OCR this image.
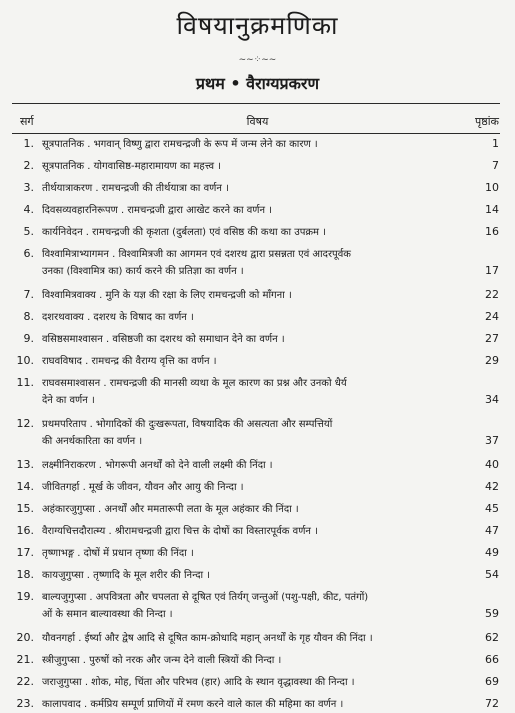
विषयानुक्रमणिका
~~⁘~~
प्रथम • वैराग्यप्रकरण
सर्ग	विषय	पृष्ठांक
1. सूत्रपातनिक . भगवान् विष्णु द्वारा रामचन्द्रजी के रूप में जन्म लेने का कारण ।	1
2. सूत्रपातनिक . योगवासिष्ठ-महारामायण का महत्त्व ।	7
3. तीर्थयात्राकरण . रामचन्द्रजी की तीर्थयात्रा का वर्णन ।	10
4. दिवसव्यवहारनिरूपण . रामचन्द्रजी द्वारा आखेट करने का वर्णन ।	14
5. कार्यनिवेदन . रामचन्द्रजी की कृशता (दुर्बलता) एवं वसिष्ठ की कथा का उपक्रम ।	16
6. विश्वामित्राभ्यागमन . विश्वामित्रजी का आगमन एवं दशरथ द्वारा प्रसन्नता एवं आदरपूर्वक
उनका (विश्वामित्र का) कार्य करने की प्रतिज्ञा का वर्णन ।	17
7. विश्वामित्रवाक्य . मुनि के यज्ञ की रक्षा के लिए रामचन्द्रजी को माँगना ।	22
8. दशरथवाक्य . दशरथ के विषाद का वर्णन ।	24
9. वसिष्ठसमाश्वासन . वसिष्ठजी का दशरथ को समाधान देने का वर्णन ।	27
10. राघवविषाद . रामचन्द्र की वैराग्य वृत्ति का वर्णन ।	29
11. राघवसमाश्वासन . रामचन्द्रजी की मानसी व्यथा के मूल कारण का प्रश्न और उनको धैर्य
देने का वर्णन ।	34
12. प्रथमपरिताप . भोगादिकों की दुःखरूपता, विषयादिक की असत्यता और सम्पत्तियों
की अनर्थकारिता का वर्णन ।	37
13. लक्ष्मीनिराकरण . भोगरूपी अनर्थों को देने वाली लक्ष्मी की निंदा ।	40
14. जीवितगर्हा . मूर्ख के जीवन, यौवन और आयु की निन्दा ।	42
15. अहंकारजुगुप्सा . अनर्थों और ममतारूपी लता के मूल अहंकार की निंदा ।	45
16. वैराग्यचित्तदौरात्म्य . श्रीरामचन्द्रजी द्वारा चित्त के दोषों का विस्तारपूर्वक वर्णन ।	47
17. तृष्णाभङ्ग . दोषों में प्रधान तृष्णा की निंदा ।	49
18. कायजुगुप्सा . तृष्णादि के मूल शरीर की निन्दा ।	54
19. बाल्यजुगुप्सा . अपवित्रता और चपलता से दूषित एवं तिर्यग् जन्तुओं (पशु-पक्षी, कीट, पतंगों)
ओं के समान बाल्यावस्था की निन्दा ।	59
20. यौवनगर्हा . ईर्ष्या और द्वेष आदि से दूषित काम-क्रोधादि महान् अनर्थों के गृह यौवन की निंदा ।	62
21. स्त्रीजुगुप्सा . पुरुषों को नरक और जन्म देने वाली स्त्रियों की निन्दा ।	66
22. जराजुगुप्सा . शोक, मोह, चिंता और परिभव (हार) आदि के स्थान वृद्धावस्था की निन्दा ।	69
23. कालापवाद . कर्मप्रिय सम्पूर्ण प्राणियों में रमण करने वाले काल की महिमा का वर्णन ।	72
